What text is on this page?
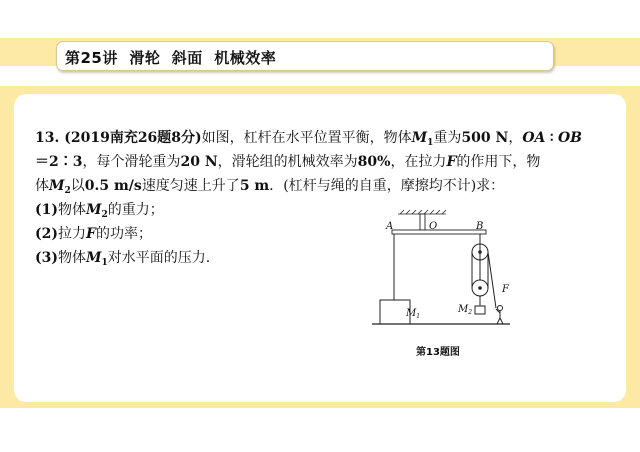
第25讲  滑轮  斜面  机械效率

13. (2019南充26题8分)如图，杠杆在水平位置平衡，物体$M_1$重为500 N，OA ∶ OB

＝2∶3，每个滑轮重为20 N，滑轮组的机械效率为80%，在拉力F的作用下，物

体$M_2$以0.5 m/s速度匀速上升了5 m．(杠杆与绳的自重，摩擦均不计)求：

(1)物体$M_2$的重力；

(2)拉力F的功率；

(3)物体$M_1$对水平面的压力.

A	O	B
F
$M_1$
$M_2$
第13题图
